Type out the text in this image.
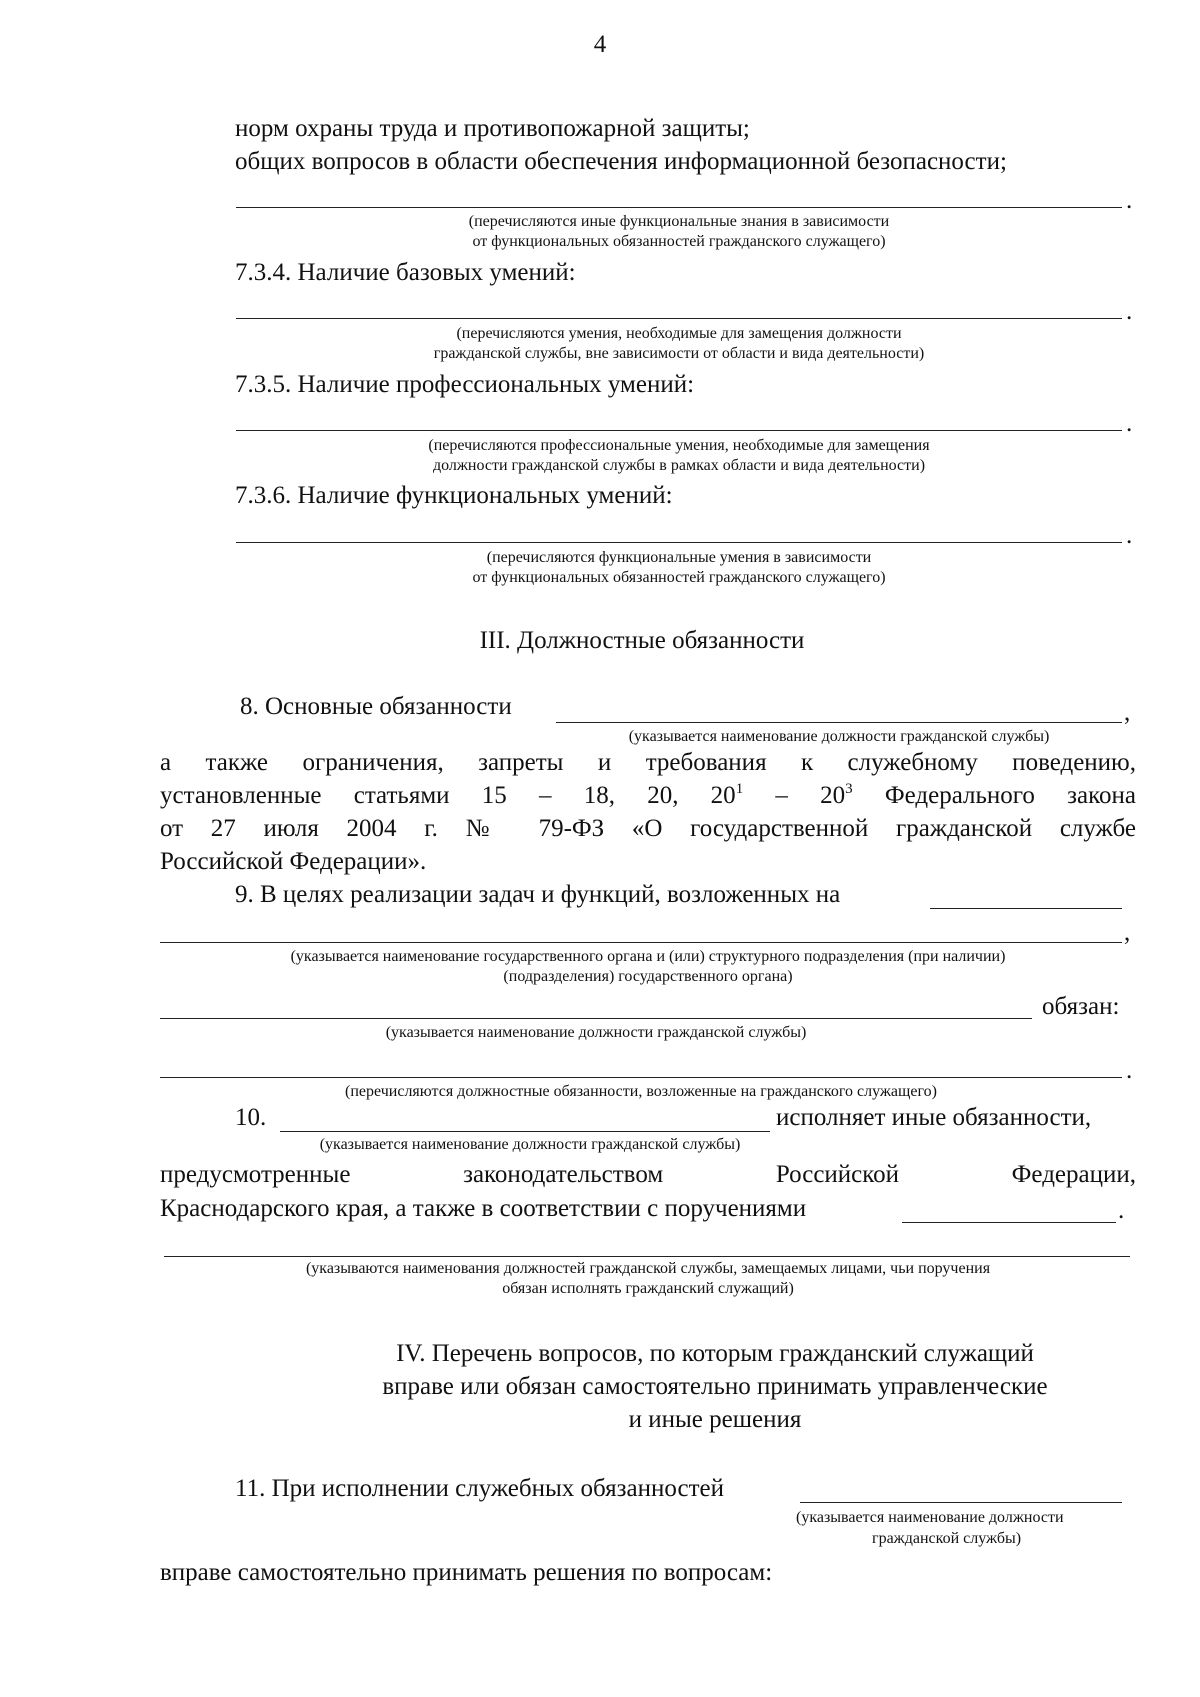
4
норм охраны труда и противопожарной защиты;
общих вопросов в области обеспечения информационной безопасности;
.
(перечисляются иные функциональные знания в зависимости
от функциональных обязанностей гражданского служащего)
7.3.4. Наличие базовых умений:
.
(перечисляются умения, необходимые для замещения должности
гражданской службы, вне зависимости от области и вида деятельности)
7.3.5. Наличие профессиональных умений:
.
(перечисляются профессиональные умения, необходимые для замещения
должности гражданской службы в рамках области и вида деятельности)
7.3.6. Наличие функциональных умений:
.
(перечисляются функциональные умения в зависимости
от функциональных обязанностей гражданского служащего)
III. Должностные обязанности
8. Основные обязанности	,
(указывается наименование должности гражданской службы)
а также ограничения, запреты и требования к служебному поведению,
установленные статьями 15 – 18, 20, $20^1 - 20^3$ Федерального закона
от 27 июля 2004 г. № 79-ФЗ «О государственной гражданской службе
Российской Федерации».
9. В целях реализации задач и функций, возложенных на
,
(указывается наименование государственного органа и (или) структурного подразделения (при наличии)
(подразделения) государственного органа)
обязан:
(указывается наименование должности гражданской службы)
.
(перечисляются должностные обязанности, возложенные на гражданского служащего)
10.	исполняет иные обязанности,
(указывается наименование должности гражданской службы)
предусмотренные законодательством Российской Федерации,
Краснодарского края, а также в соответствии с поручениями	.
(указываются наименования должностей гражданской службы, замещаемых лицами, чьи поручения
обязан исполнять гражданский служащий)
IV. Перечень вопросов, по которым гражданский служащий
вправе или обязан самостоятельно принимать управленческие
и иные решения
11. При исполнении служебных обязанностей
(указывается наименование должности
гражданской службы)
вправе самостоятельно принимать решения по вопросам:
